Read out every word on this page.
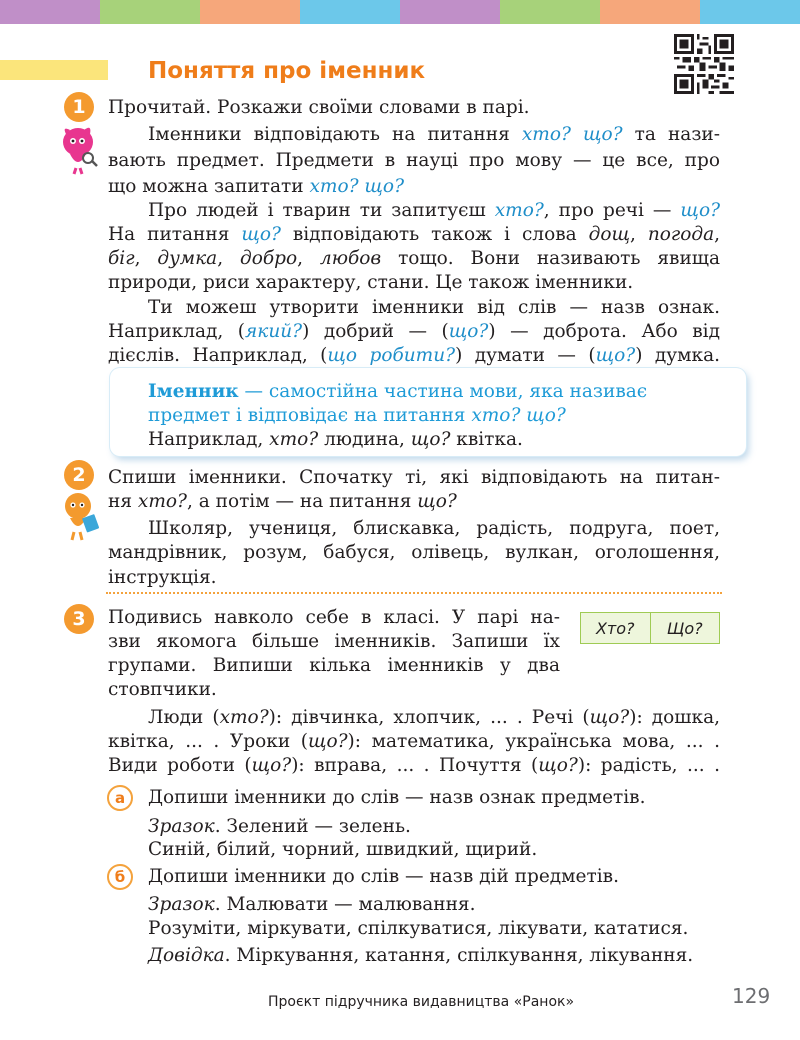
Поняття про іменник
1	Прочитай. Розкажи своїми словами в парі.
Іменники відповідають на питання хто? що? та нази-
вають предмет. Предмети в науці про мову — це все, про
що можна запитати хто? що?
Про людей і тварин ти запитуєш хто?, про речі — що?
На питання що? відповідають також і слова дощ, погода,
біг, думка, добро, любов тощо. Вони називають явища
природи, риси характеру, стани. Це також іменники.
Ти можеш утворити іменники від слів — назв ознак.
Наприклад, (який?) добрий — (що?) — доброта. Або від
дієслів. Наприклад, (що робити?) думати — (що?) думка.
Іменник — самостійна частина мови, яка називає
предмет і відповідає на питання хто? що?
Наприклад, хто? людина, що? квітка.
2	Спиши іменники. Спочатку ті, які відповідають на питан-
ня хто?, а потім — на питання що?
Школяр, учениця, блискавка, радість, подруга, поет,
мандрівник, розум, бабуся, олівець, вулкан, оголошення,
інструкція.
3	Хто?	Що?
Подивись навколо себе в класі. У парі на-
зви якомога більше іменників. Запиши їх
групами. Випиши кілька іменників у два
стовпчики.
Люди (хто?): дівчинка, хлопчик, ... . Речі (що?): дошка,
квітка, ... . Уроки (що?): математика, українська мова, ... .
Види роботи (що?): вправа, ... . Почуття (що?): радість, ... .
а	Допиши іменники до слів — назв ознак предметів.
Зразок. Зелений — зелень.
Синій, білий, чорний, швидкий, щирий.
б	Допиши іменники до слів — назв дій предметів.
Зразок. Малювати — малювання.
Розуміти, міркувати, спілкуватися, лікувати, кататися.
Довідка. Міркування, катання, спілкування, лікування.
Проєкт підручника видавництва «Ранок»	129
